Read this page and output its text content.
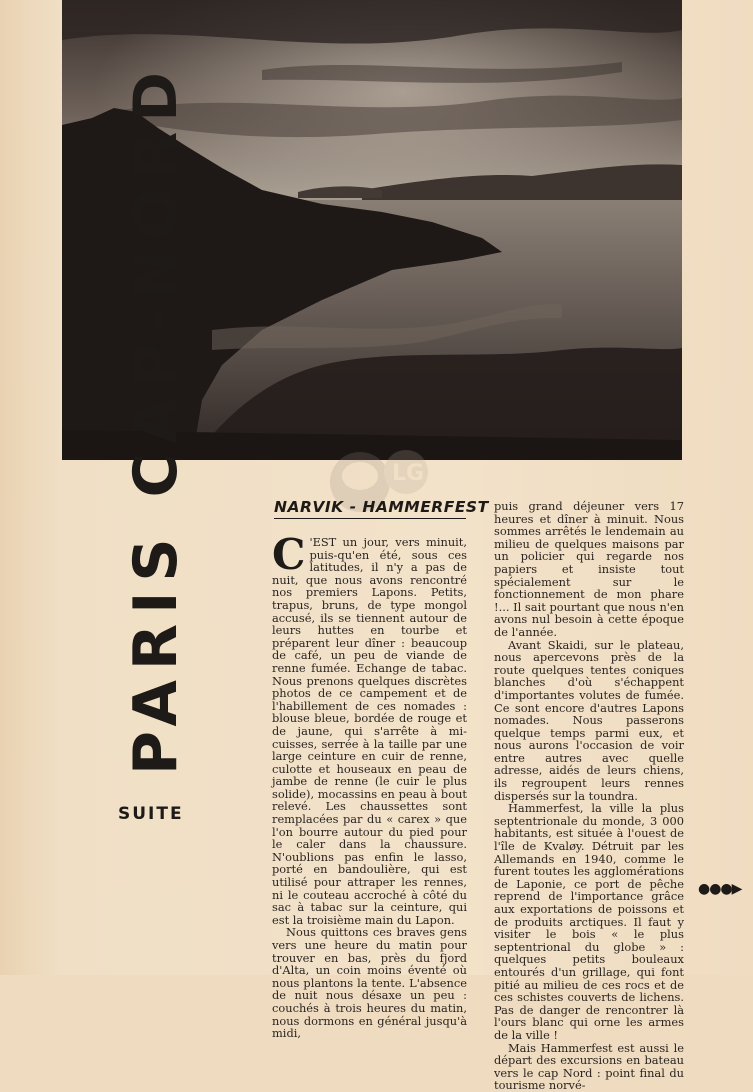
PARIS CAP-NORD
SUITE
LG
NARVIK - HAMMERFEST
C 'EST un jour, vers minuit, puis-qu'en été, sous ces latitudes, il n'y a pas de nuit, que nous avons rencontré nos premiers Lapons. Petits, trapus, bruns, de type mongol accusé, ils se tiennent autour de leurs huttes en tourbe et préparent leur dîner : beaucoup de café, un peu de viande de renne fumée. Echange de tabac. Nous prenons quelques discrètes photos de ce campement et de l'habillement de ces nomades : blouse bleue, bordée de rouge et de jaune, qui s'arrête à mi-cuisses, serrée à la taille par une large ceinture en cuir de renne, culotte et houseaux en peau de jambe de renne (le cuir le plus solide), mocassins en peau à bout relevé. Les chaussettes sont remplacées par du « carex » que l'on bourre autour du pied pour le caler dans la chaussure. N'oublions pas enfin le lasso, porté en bandoulière, qui est utilisé pour attraper les rennes, ni le couteau accroché à côté du sac à tabac sur la ceinture, qui est la troisième main du Lapon.

Nous quittons ces braves gens vers une heure du matin pour trouver en bas, près du fjord d'Alta, un coin moins éventé où nous plantons la tente. L'absence de nuit nous désaxe un peu : couchés à trois heures du matin, nous dormons en général jusqu'à midi,

puis grand déjeuner vers 17 heures et dîner à minuit. Nous sommes arrêtés le lendemain au milieu de quelques maisons par un policier qui regarde nos papiers et insiste tout spécialement sur le fonctionnement de mon phare !... Il sait pourtant que nous n'en avons nul besoin à cette époque de l'année.

Avant Skaidi, sur le plateau, nous apercevons près de la route quelques tentes coniques blanches d'où s'échappent d'importantes volutes de fumée. Ce sont encore d'autres Lapons nomades. Nous passerons quelque temps parmi eux, et nous aurons l'occasion de voir entre autres avec quelle adresse, aidés de leurs chiens, ils regroupent leurs rennes dispersés sur la toundra.

Hammerfest, la ville la plus septentrionale du monde, 3 000 habitants, est située à l'ouest de l'île de Kvaløy. Détruit par les Allemands en 1940, comme le furent toutes les agglomérations de Laponie, ce port de pêche reprend de l'importance grâce aux exportations de poissons et de produits arctiques. Il faut y visiter le bois « le plus septentrional du globe » : quelques petits bouleaux entourés d'un grillage, qui font pitié au milieu de ces rocs et de ces schistes couverts de lichens. Pas de danger de rencontrer là l'ours blanc qui orne les armes de la ville !

Mais Hammerfest est aussi le départ des excursions en bateau vers le cap Nord : point final du tourisme norvé-

●●●▶
